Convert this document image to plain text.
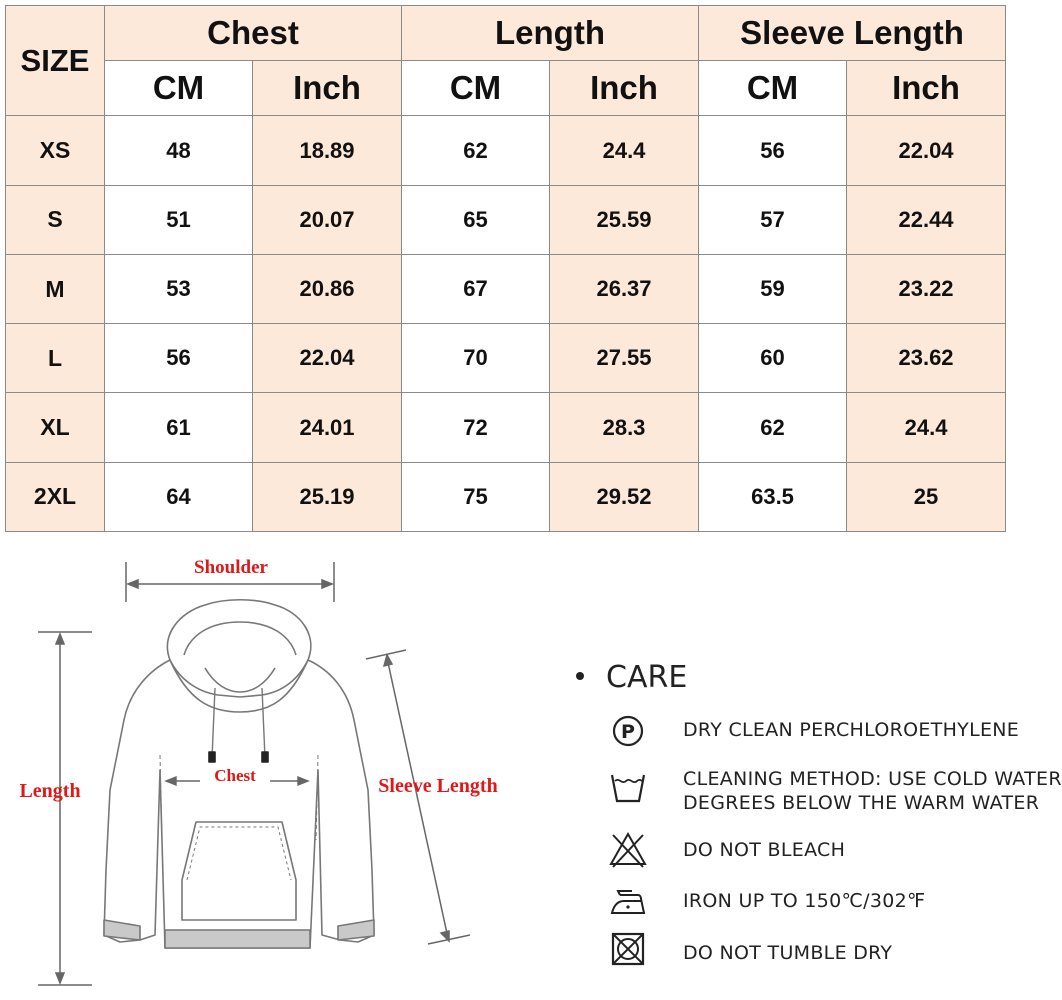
SIZE	Chest		Length		Sleeve Length	
	CM	Inch	CM	Inch	CM	Inch
XS	48	18.89	62	24.4	56	22.04
S	51	20.07	65	25.59	57	22.44
M	53	20.86	67	26.37	59	23.22
L	56	22.04	70	27.55	60	23.62
XL	61	24.01	72	28.3	62	24.4
2XL	64	25.19	75	29.52	63.5	25
Shoulder
Length	Sleeve Length
Chest
CARE
P	DRY CLEAN PERCHLOROETHYLENE
CLEANING METHOD: USE COLD WATER
DEGREES BELOW THE WARM WATER
DO NOT BLEACH
IRON UP TO 150℃/302℉
DO NOT TUMBLE DRY
